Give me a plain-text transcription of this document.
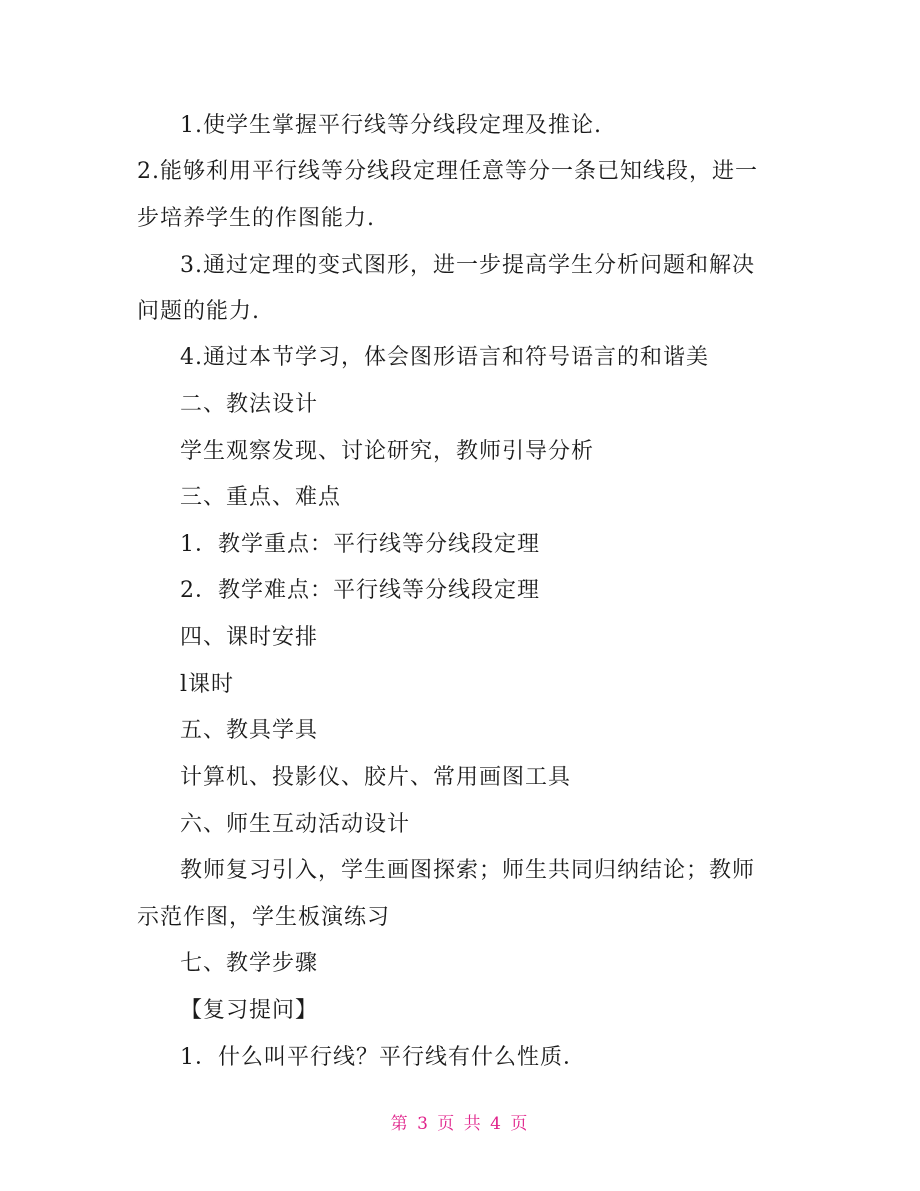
1.使学生掌握平行线等分线段定理及推论.
2.能够利用平行线等分线段定理任意等分一条已知线段，进一
步培养学生的作图能力.
3.通过定理的变式图形，进一步提高学生分析问题和解决
问题的能力.
4.通过本节学习，体会图形语言和符号语言的和谐美
二、教法设计
学生观察发现、讨论研究，教师引导分析
三、重点、难点
1．教学重点：平行线等分线段定理
2．教学难点：平行线等分线段定理
四、课时安排
l课时
五、教具学具
计算机、投影仪、胶片、常用画图工具
六、师生互动活动设计
教师复习引入，学生画图探索；师生共同归纳结论；教师
示范作图，学生板演练习
七、教学步骤
【复习提问】
1．什么叫平行线？平行线有什么性质．
第 3 页 共 4 页
